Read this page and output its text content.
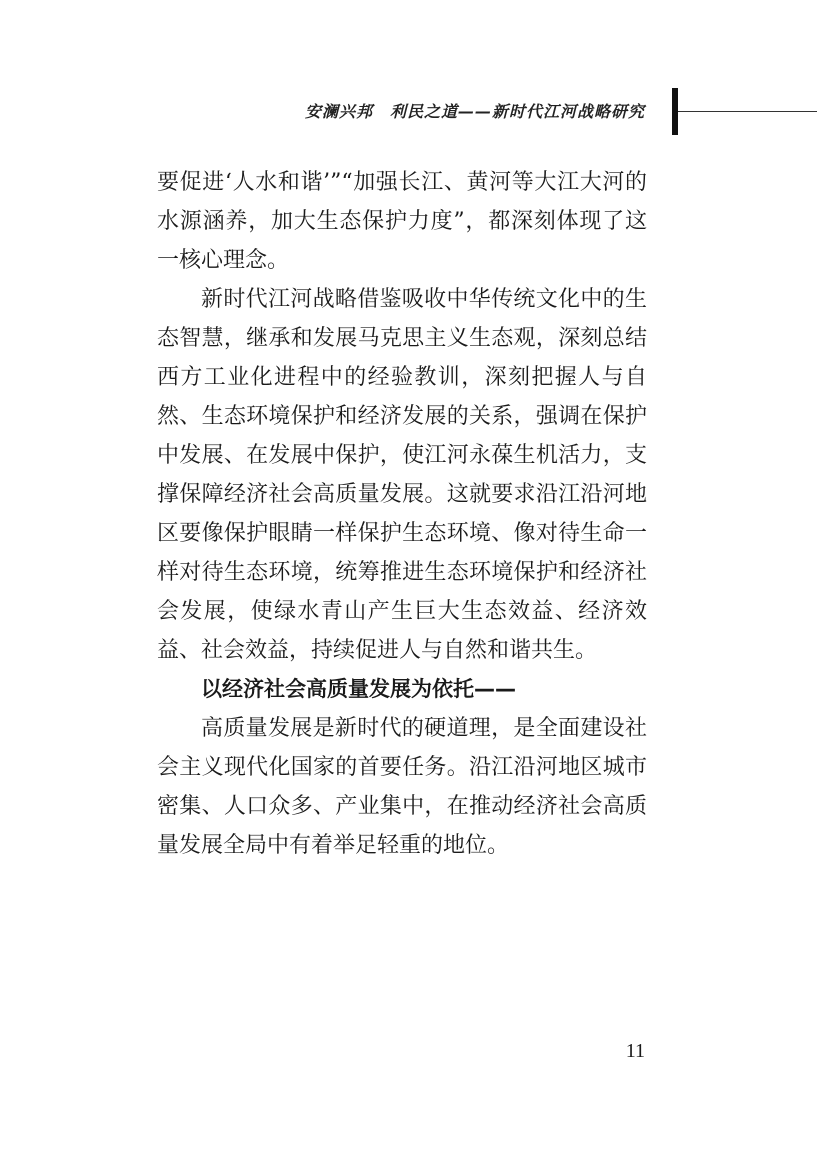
安澜兴邦　利民之道——新时代江河战略研究

要促进‘人水和谐’”“加强长江、黄河等大江大河的水源涵养，加大生态保护力度”，都深刻体现了这一核心理念。

新时代江河战略借鉴吸收中华传统文化中的生态智慧，继承和发展马克思主义生态观，深刻总结西方工业化进程中的经验教训，深刻把握人与自然、生态环境保护和经济发展的关系，强调在保护中发展、在发展中保护，使江河永葆生机活力，支撑保障经济社会高质量发展。这就要求沿江沿河地区要像保护眼睛一样保护生态环境、像对待生命一样对待生态环境，统筹推进生态环境保护和经济社会发展，使绿水青山产生巨大生态效益、经济效益、社会效益，持续促进人与自然和谐共生。

以经济社会高质量发展为依托——

高质量发展是新时代的硬道理，是全面建设社会主义现代化国家的首要任务。沿江沿河地区城市密集、人口众多、产业集中，在推动经济社会高质量发展全局中有着举足轻重的地位。

11
